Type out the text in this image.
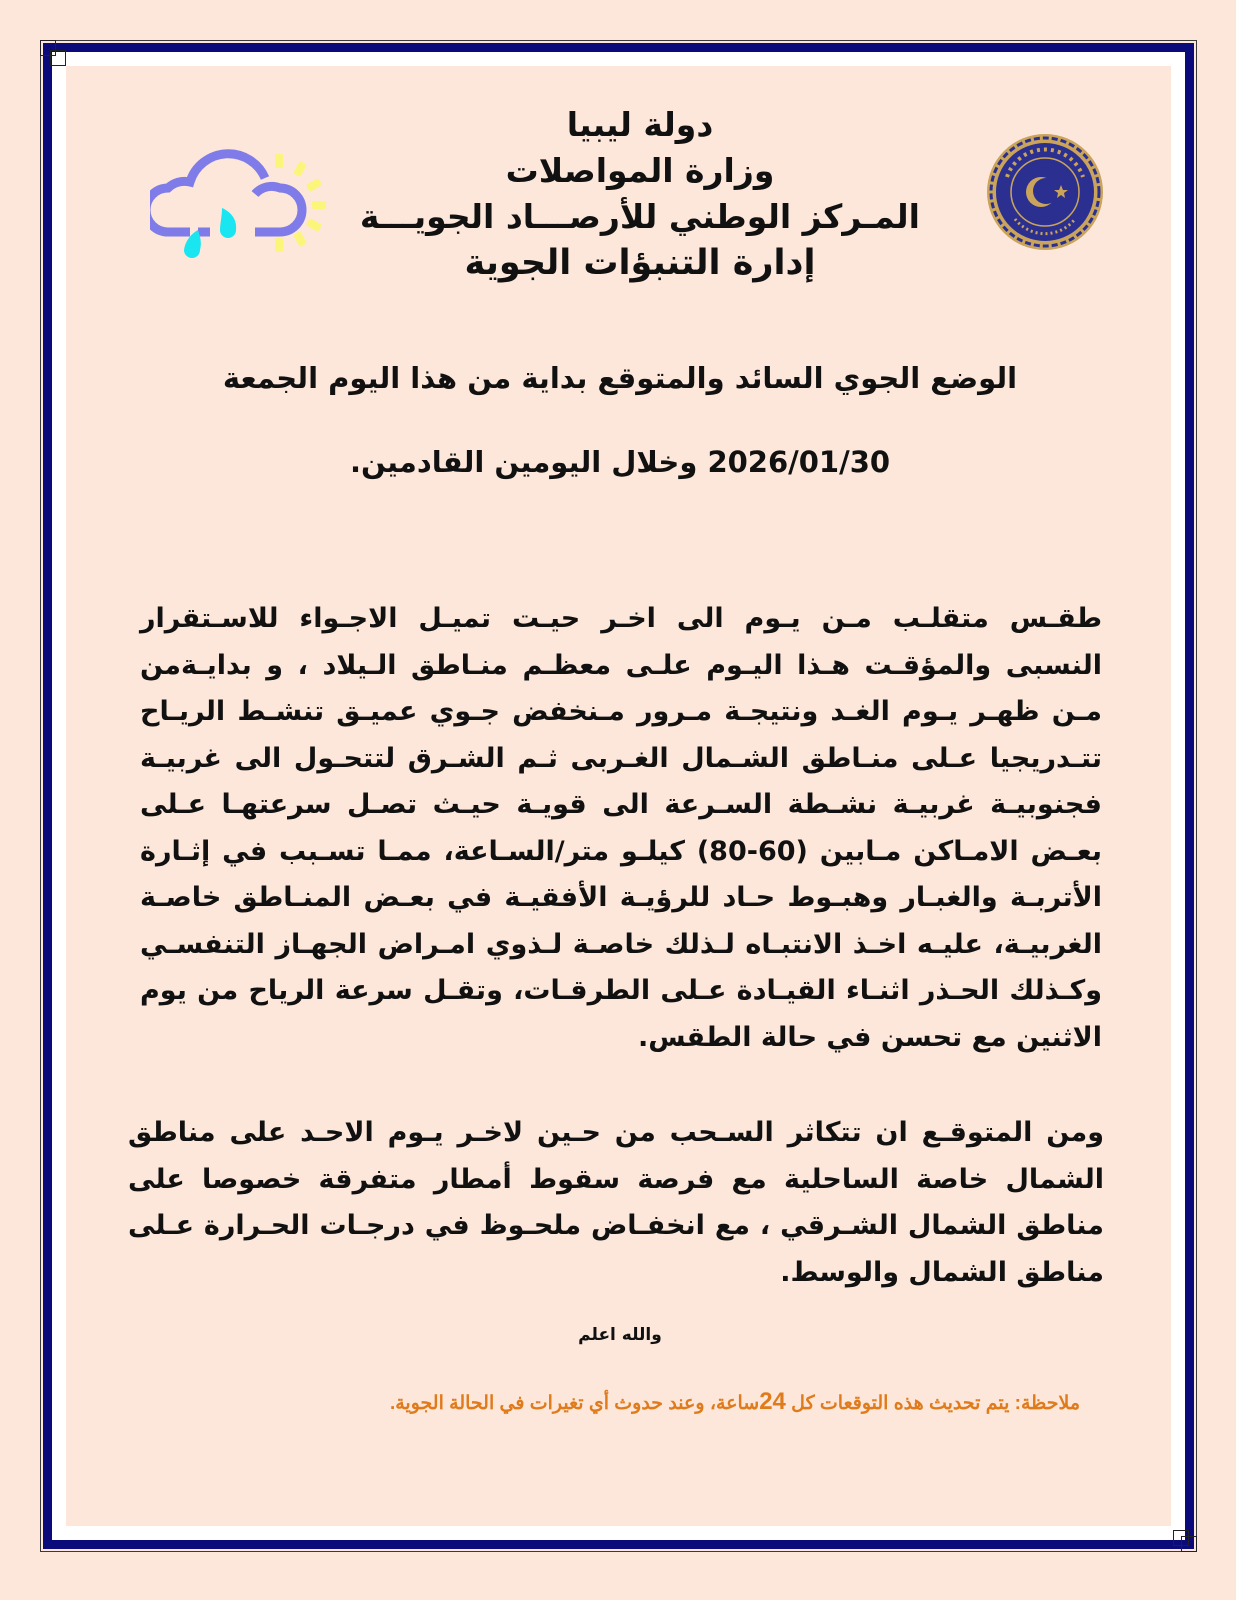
دولة ليبيا
وزارة المواصلات
المـركز الوطني للأرصـــاد الجويـــة
إدارة التنبؤات الجوية
الوضع الجوي السائد والمتوقع بداية من هذا اليوم الجمعة
2026/01/30 وخلال اليومين القادمين.
طقـس متقلـب مـن يـوم الى اخـر حيـت تميـل الاجـواء للاسـتقرار النسبى والمؤقـت هـذا اليـوم علـى معظـم منـاطق الـيلاد ، و بدايـةمن مـن ظهـر يـوم الغـد ونتيجـة مـرور مـنخفض جـوي عميـق تنشـط الريـاح تتـدريجيا عـلى منـاطق الشـمال الغـربى ثـم الشـرق لتتحـول الى غربيـة فجنوبيـة غربيـة نشـطة السـرعة الى قويـة حيـث تصـل سرعتهـا عـلى بعـض الامـاكن مـابين (60-80) كيلـو متر/السـاعة، ممـا تسـبب في إثـارة الأتربـة والغبـار وهبـوط حـاد للرؤيـة الأفقيـة في بعـض المنـاطق خاصـة الغربيـة، عليـه اخـذ الانتبـاه لـذلك خاصـة لـذوي امـراض الجهـاز التنفسـي وكـذلك الحـذر اثنـاء القيـادة عـلى الطرقـات، وتقـل سرعة الرياح من يوم الاثنين مع تحسن في حالة الطقس.
ومن المتوقـع ان تتكاثر السـحب من حـين لاخـر يـوم الاحـد على مناطق الشمال خاصة الساحلية مع فرصة سقوط أمطار متفرقة خصوصا على مناطق الشمال الشـرقي ، مع انخفـاض ملحـوظ في درجـات الحـرارة عـلى مناطق الشمال والوسط.
والله اعلم
ملاحظة: يتم تحديث هذه التوقعات كل 24ساعة، وعند حدوث أي تغيرات في الحالة الجوية.
